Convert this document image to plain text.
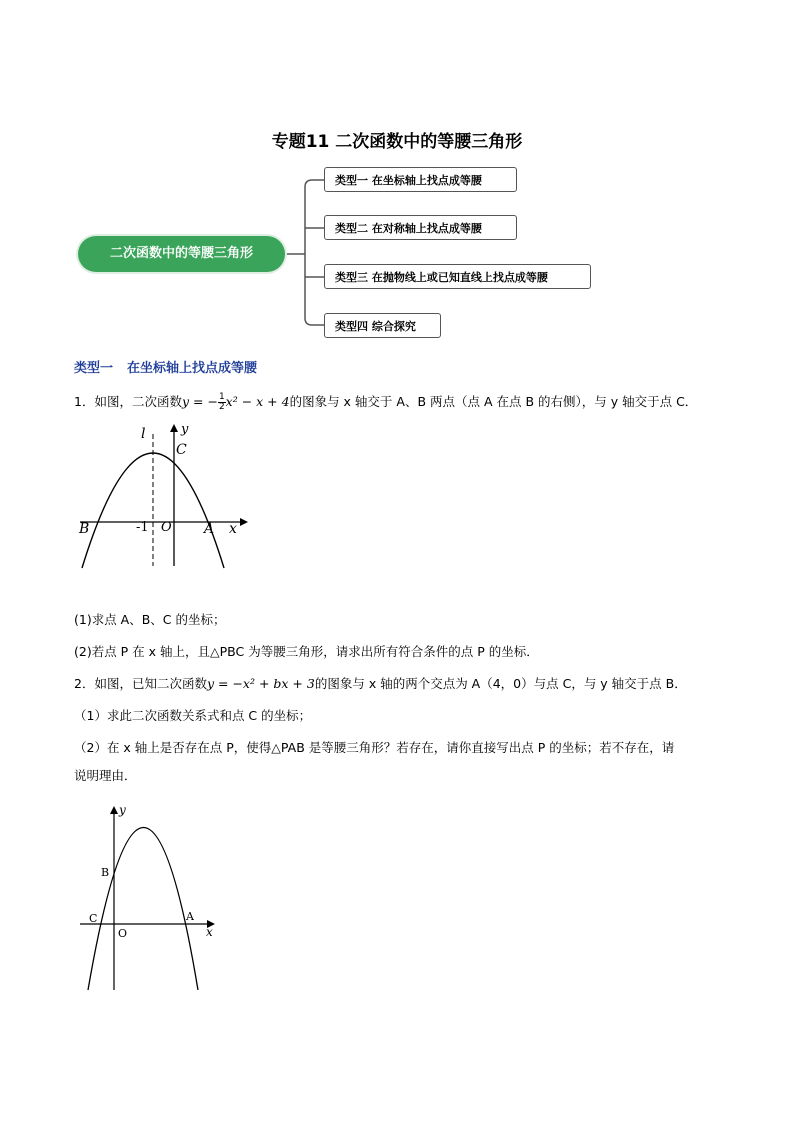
专题11 二次函数中的等腰三角形
二次函数中的等腰三角形
类型一 在坐标轴上找点成等腰
类型二 在对称轴上找点成等腰
类型三 在抛物线上或已知直线上找点成等腰
类型四 综合探究
类型一 在坐标轴上找点成等腰
1．如图，二次函数y = − $\frac{1}{2} x^2 - x + 4$的图象与 x 轴交于 A、B 两点（点 A 在点 B 的右侧），与 y 轴交于点 C．
l	y
C
B	-1 O A x
(1)求点 A、B、C 的坐标；
(2)若点 P 在 x 轴上，且△PBC 为等腰三角形，请求出所有符合条件的点 P 的坐标．
2．如图，已知二次函数y = −x² + bx + 3的图象与 x 轴的两个交点为 A（4，0）与点 C，与 y 轴交于点 B．
（1）求此二次函数关系式和点 C 的坐标；
（2）在 x 轴上是否存在点 P，使得△PAB 是等腰三角形？若存在，请你直接写出点 P 的坐标；若不存在，请
说明理由．
y
B
C	A
O	x
